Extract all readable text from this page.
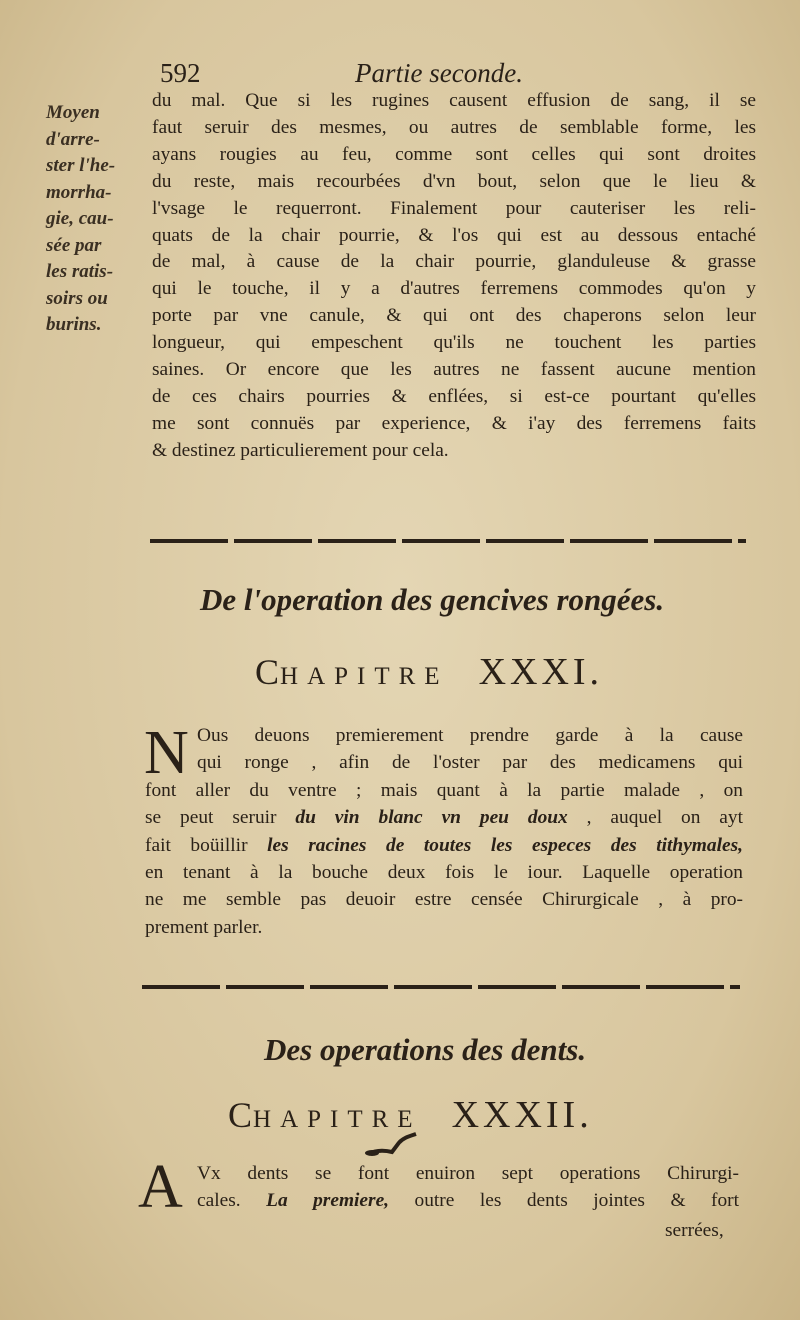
592	Partie seconde.
Moyen
d'arre-
ster l'he-
morrha-
gie, cau-
sée par
les ratis-
soirs ou
burins.
du mal. Que si les rugines causent effusion de sang, il se
faut seruir des mesmes, ou autres de semblable forme, les
ayans rougies au feu, comme sont celles qui sont droites
du reste, mais recourbées d'vn bout, selon que le lieu &
l'vsage le requerront. Finalement pour cauteriser les reli-
quats de la chair pourrie, & l'os qui est au dessous entaché
de mal, à cause de la chair pourrie, glanduleuse & grasse
qui le touche, il y a d'autres ferremens commodes qu'on y
porte par vne canule, & qui ont des chaperons selon leur
longueur, qui empeschent qu'ils ne touchent les parties
saines. Or encore que les autres ne fassent aucune mention
de ces chairs pourries & enflées, si est-ce pourtant qu'elles
me sont connuës par experience, & i'ay des ferremens faits
& destinez particulierement pour cela.
De l'operation des gencives rongées.
CHAPITRE XXXI.
N Ous deuons premierement prendre garde à la cause
qui ronge , afin de l'oster par des medicamens qui
font aller du ventre ; mais quant à la partie malade , on
se peut seruir du vin blanc vn peu doux , auquel on ayt
fait boüillir les racines de toutes les especes des tithymales,
en tenant à la bouche deux fois le iour. Laquelle operation
ne me semble pas deuoir estre censée Chirurgicale , à pro-
prement parler.
Des operations des dents.
CHAPITRE XXXII.
A Vx dents se font enuiron sept operations Chirurgi-
cales. La premiere, outre les dents jointes & fort
serrées,
